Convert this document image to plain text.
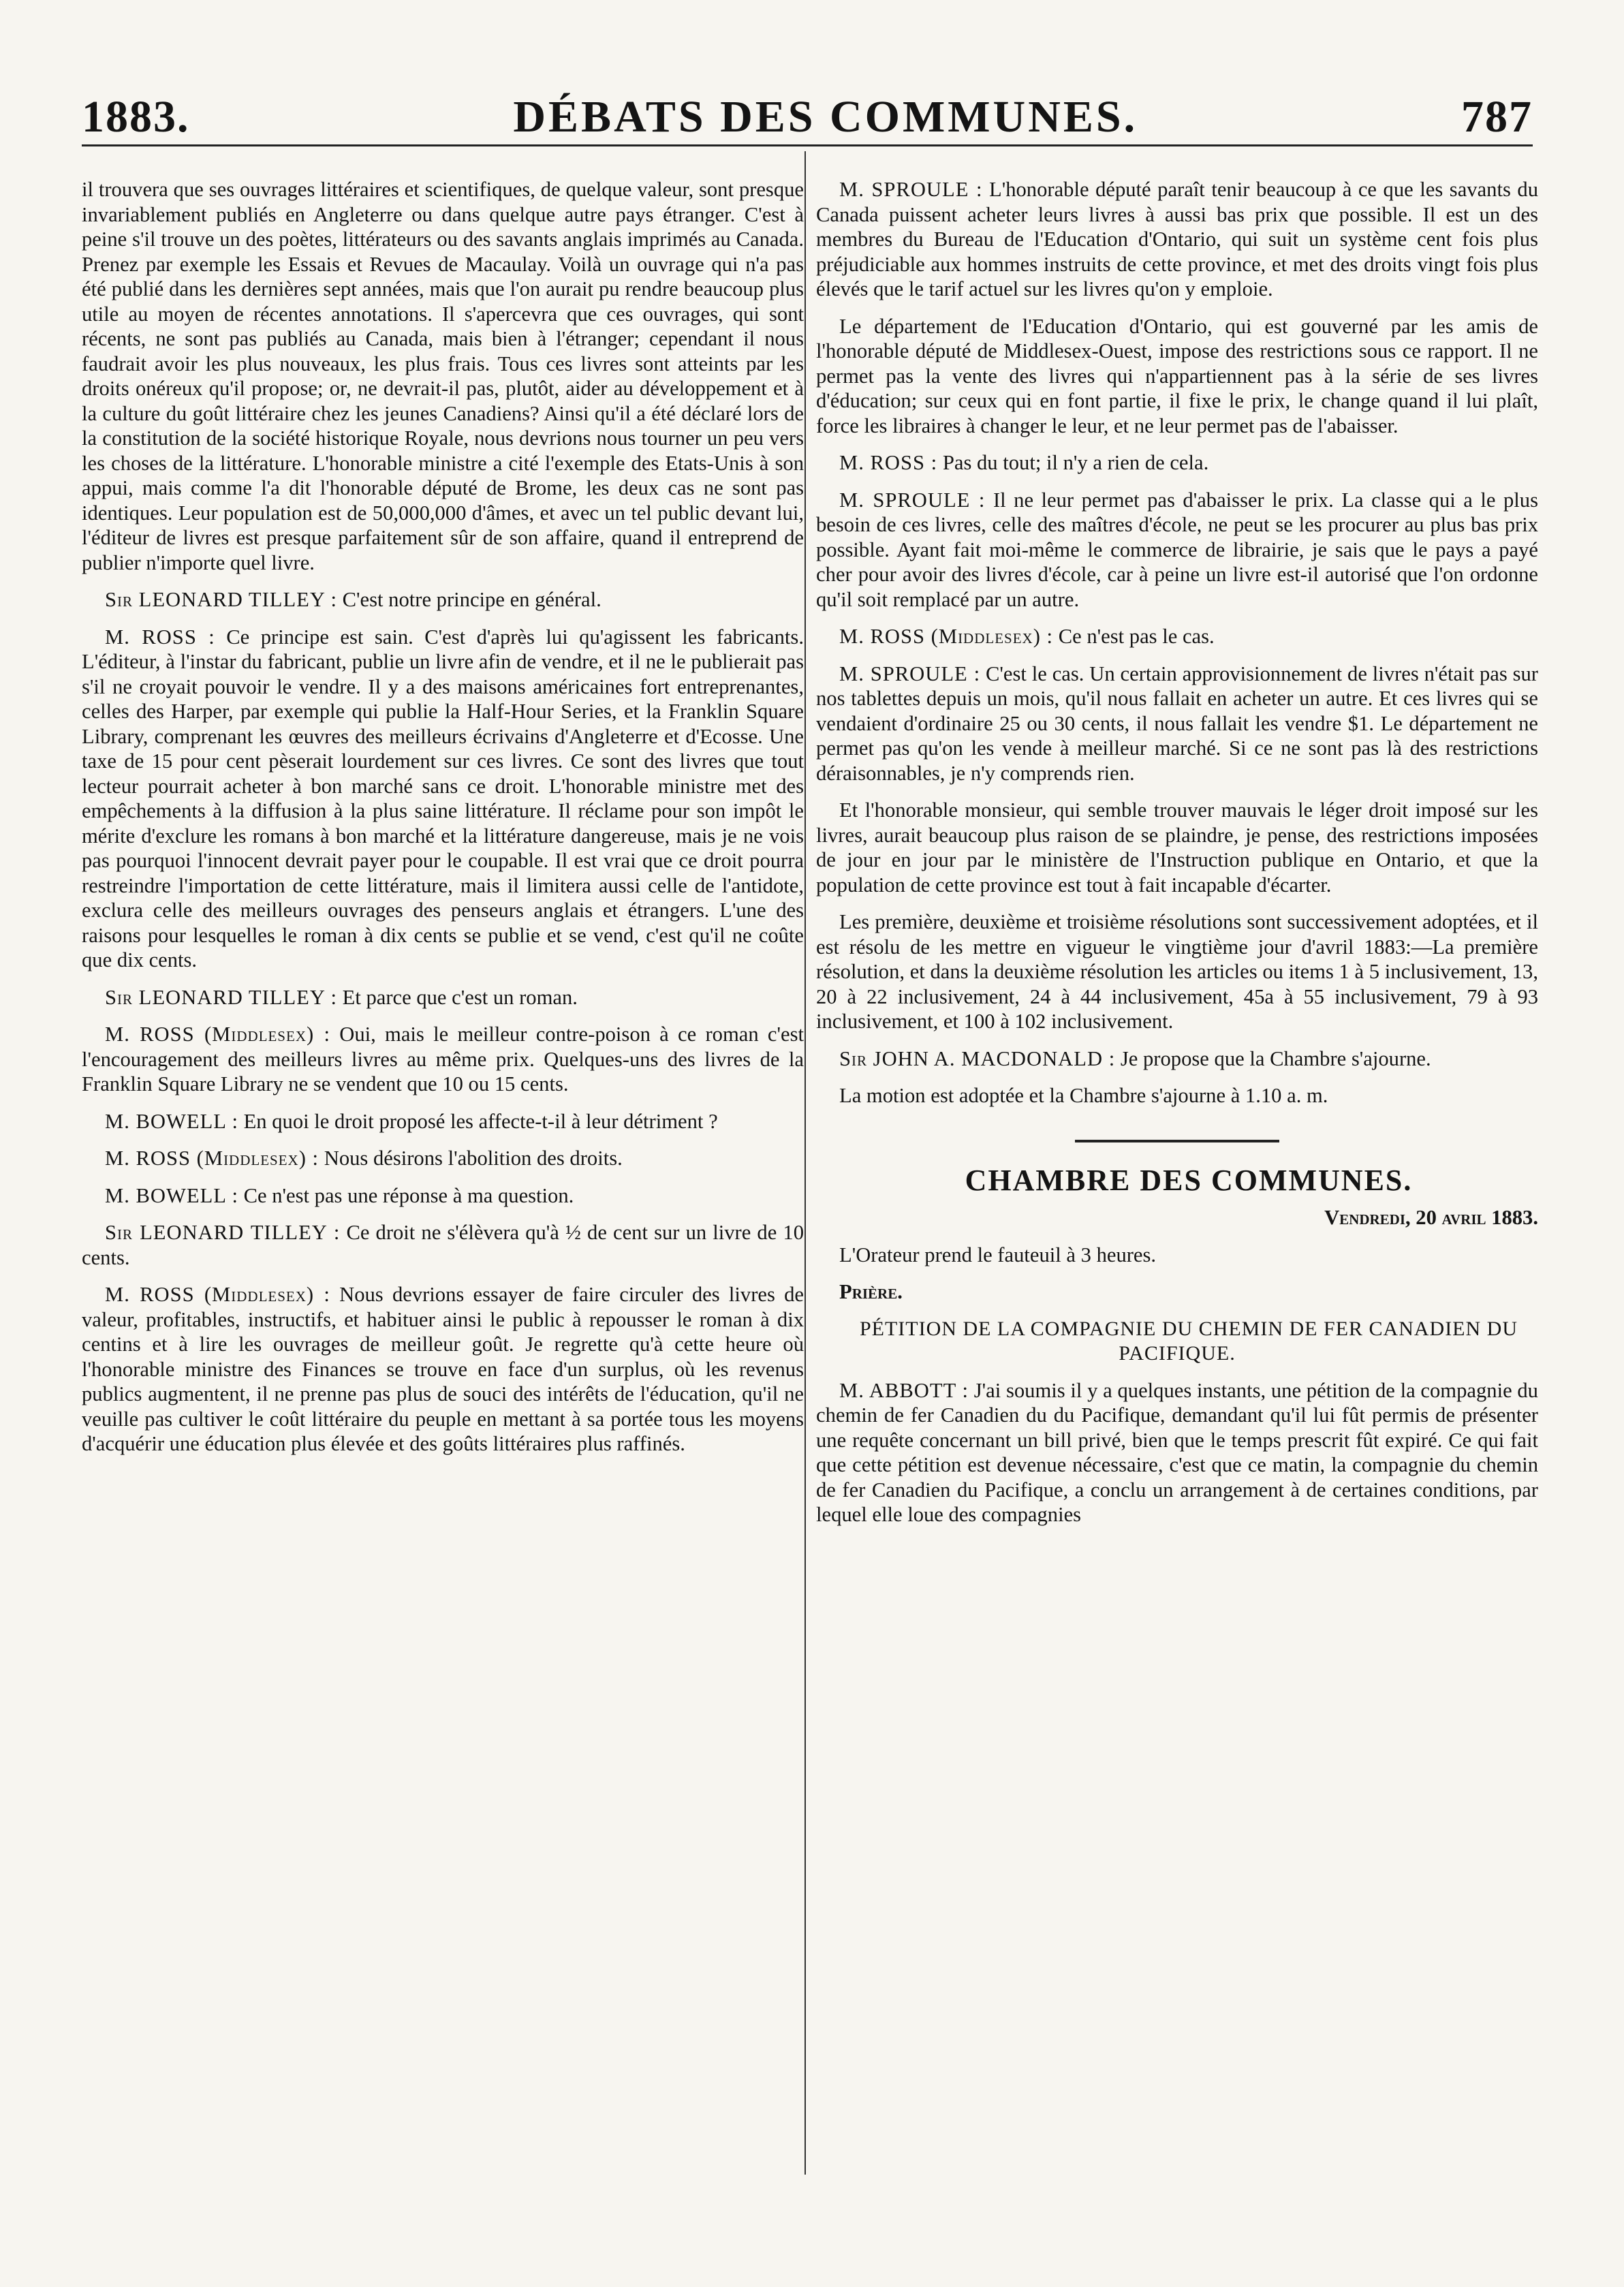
1883.	DÉBATS DES COMMUNES.	787

il trouvera que ses ouvrages littéraires et scientifiques, de quelque valeur, sont presque invariablement publiés en Angleterre ou dans quelque autre pays étranger. C'est à peine s'il trouve un des poètes, littérateurs ou des savants anglais imprimés au Canada. Prenez par exemple les Essais et Revues de Macaulay. Voilà un ouvrage qui n'a pas été publié dans les dernières sept années, mais que l'on aurait pu rendre beaucoup plus utile au moyen de récentes annotations. Il s'apercevra que ces ouvrages, qui sont récents, ne sont pas publiés au Canada, mais bien à l'étranger; cependant il nous faudrait avoir les plus nouveaux, les plus frais. Tous ces livres sont atteints par les droits onéreux qu'il propose; or, ne devrait-il pas, plutôt, aider au développement et à la culture du goût littéraire chez les jeunes Canadiens? Ainsi qu'il a été déclaré lors de la constitution de la société historique Royale, nous devrions nous tourner un peu vers les choses de la littérature. L'honorable ministre a cité l'exemple des Etats-Unis à son appui, mais comme l'a dit l'honorable député de Brome, les deux cas ne sont pas identiques. Leur population est de 50,000,000 d'âmes, et avec un tel public devant lui, l'éditeur de livres est presque parfaitement sûr de son affaire, quand il entreprend de publier n'importe quel livre.

Sir LEONARD TILLEY : C'est notre principe en général.

M. ROSS : Ce principe est sain. C'est d'après lui qu'agissent les fabricants. L'éditeur, à l'instar du fabricant, publie un livre afin de vendre, et il ne le publierait pas s'il ne croyait pouvoir le vendre. Il y a des maisons américaines fort entreprenantes, celles des Harper, par exemple qui publie la Half-Hour Series, et la Franklin Square Library, comprenant les œuvres des meilleurs écrivains d'Angleterre et d'Ecosse. Une taxe de 15 pour cent pèserait lourdement sur ces livres. Ce sont des livres que tout lecteur pourrait acheter à bon marché sans ce droit. L'honorable ministre met des empêchements à la diffusion à la plus saine littérature. Il réclame pour son impôt le mérite d'exclure les romans à bon marché et la littérature dangereuse, mais je ne vois pas pourquoi l'innocent devrait payer pour le coupable. Il est vrai que ce droit pourra restreindre l'importation de cette littérature, mais il limitera aussi celle de l'antidote, exclura celle des meilleurs ouvrages des penseurs anglais et étrangers. L'une des raisons pour lesquelles le roman à dix cents se publie et se vend, c'est qu'il ne coûte que dix cents.

Sir LEONARD TILLEY : Et parce que c'est un roman.

M. ROSS (Middlesex) : Oui, mais le meilleur contre-poison à ce roman c'est l'encouragement des meilleurs livres au même prix. Quelques-uns des livres de la Franklin Square Library ne se vendent que 10 ou 15 cents.

M. BOWELL : En quoi le droit proposé les affecte-t-il à leur détriment ?

M. ROSS (Middlesex) : Nous désirons l'abolition des droits.

M. BOWELL : Ce n'est pas une réponse à ma question.

Sir LEONARD TILLEY : Ce droit ne s'élèvera qu'à ½ de cent sur un livre de 10 cents.

M. ROSS (Middlesex) : Nous devrions essayer de faire circuler des livres de valeur, profitables, instructifs, et habituer ainsi le public à repousser le roman à dix centins et à lire les ouvrages de meilleur goût. Je regrette qu'à cette heure où l'honorable ministre des Finances se trouve en face d'un surplus, où les revenus publics augmentent, il ne prenne pas plus de souci des intérêts de l'éducation, qu'il ne veuille pas cultiver le coût littéraire du peuple en mettant à sa portée tous les moyens d'acquérir une éducation plus élevée et des goûts littéraires plus raffinés.

M. SPROULE : L'honorable député paraît tenir beaucoup à ce que les savants du Canada puissent acheter leurs livres à aussi bas prix que possible. Il est un des membres du Bureau de l'Education d'Ontario, qui suit un système cent fois plus préjudiciable aux hommes instruits de cette province, et met des droits vingt fois plus élevés que le tarif actuel sur les livres qu'on y emploie.

Le département de l'Education d'Ontario, qui est gouverné par les amis de l'honorable député de Middlesex-Ouest, impose des restrictions sous ce rapport. Il ne permet pas la vente des livres qui n'appartiennent pas à la série de ses livres d'éducation; sur ceux qui en font partie, il fixe le prix, le change quand il lui plaît, force les libraires à changer le leur, et ne leur permet pas de l'abaisser.

M. ROSS : Pas du tout; il n'y a rien de cela.

M. SPROULE : Il ne leur permet pas d'abaisser le prix. La classe qui a le plus besoin de ces livres, celle des maîtres d'école, ne peut se les procurer au plus bas prix possible. Ayant fait moi-même le commerce de librairie, je sais que le pays a payé cher pour avoir des livres d'école, car à peine un livre est-il autorisé que l'on ordonne qu'il soit remplacé par un autre.

M. ROSS (Middlesex) : Ce n'est pas le cas.

M. SPROULE : C'est le cas. Un certain approvisionnement de livres n'était pas sur nos tablettes depuis un mois, qu'il nous fallait en acheter un autre. Et ces livres qui se vendaient d'ordinaire 25 ou 30 cents, il nous fallait les vendre $1. Le département ne permet pas qu'on les vende à meilleur marché. Si ce ne sont pas là des restrictions déraisonnables, je n'y comprends rien.

Et l'honorable monsieur, qui semble trouver mauvais le léger droit imposé sur les livres, aurait beaucoup plus raison de se plaindre, je pense, des restrictions imposées de jour en jour par le ministère de l'Instruction publique en Ontario, et que la population de cette province est tout à fait incapable d'écarter.

Les première, deuxième et troisième résolutions sont successivement adoptées, et il est résolu de les mettre en vigueur le vingtième jour d'avril 1883:—La première résolution, et dans la deuxième résolution les articles ou items 1 à 5 inclusivement, 13, 20 à 22 inclusivement, 24 à 44 inclusivement, 45a à 55 inclusivement, 79 à 93 inclusivement, et 100 à 102 inclusivement.

Sir JOHN A. MACDONALD : Je propose que la Chambre s'ajourne.

La motion est adoptée et la Chambre s'ajourne à 1.10 a. m.

CHAMBRE DES COMMUNES.

Vendredi, 20 avril 1883.

L'Orateur prend le fauteuil à 3 heures.

Prière.

PÉTITION DE LA COMPAGNIE DU CHEMIN DE FER CANADIEN DU PACIFIQUE.

M. ABBOTT : J'ai soumis il y a quelques instants, une pétition de la compagnie du chemin de fer Canadien du du Pacifique, demandant qu'il lui fût permis de présenter une requête concernant un bill privé, bien que le temps prescrit fût expiré. Ce qui fait que cette pétition est devenue nécessaire, c'est que ce matin, la compagnie du chemin de fer Canadien du Pacifique, a conclu un arrangement à de certaines conditions, par lequel elle loue des compagnies
